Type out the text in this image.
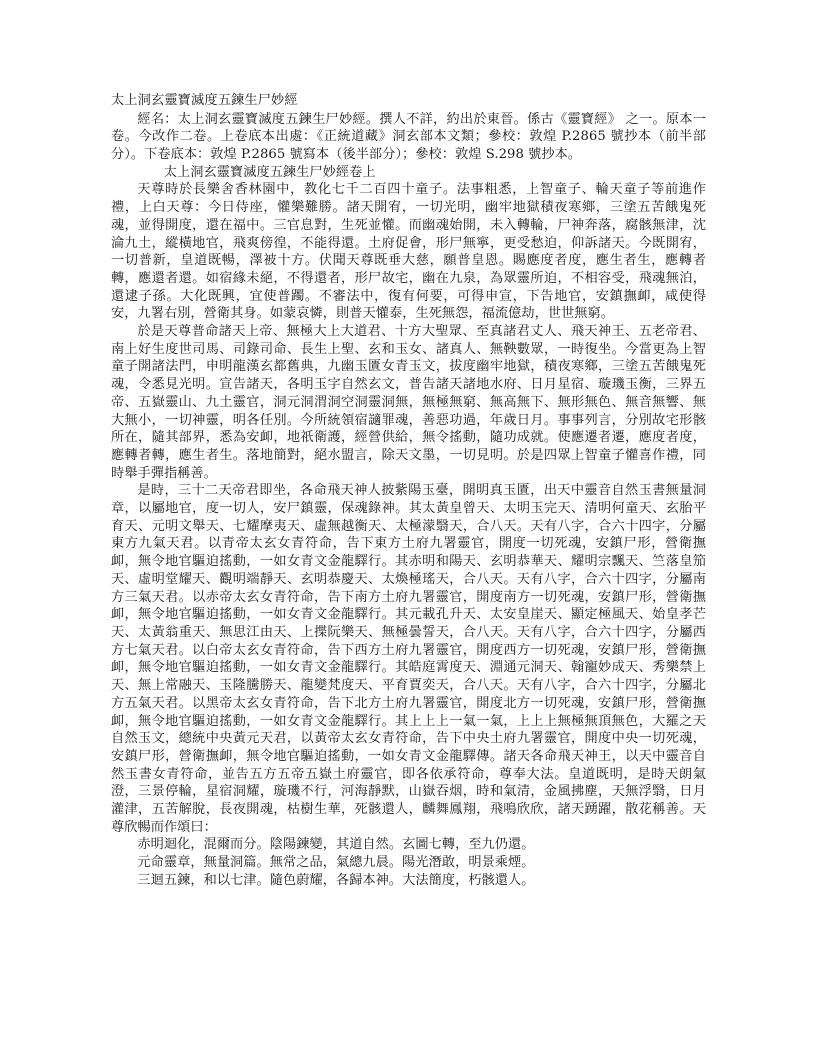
太上洞玄靈寶滅度五鍊生尸妙經

經名：太上洞玄靈寶滅度五鍊生尸妙經。撰人不詳，約出於東晉。係古《靈寶經》 之一。原本一卷。今改作二卷。上卷底本出處：《正統道藏》洞玄部本文類；參校：敦煌 P.2865 號抄本（前半部分）。下卷底本：敦煌 P.2865 號寫本（後半部分）；參校：敦煌 S.298 號抄本。

太上洞玄靈寶滅度五鍊生尸妙經卷上

天尊時於長樂舍香林園中，教化七千二百四十童子。法事粗悉，上智童子、輪天童子等前進作禮，上白天尊：今日侍座，懽樂難勝。諸天開宥，一切光明，幽牢地獄積夜寒鄉，三塗五苦餓鬼死魂，並得開度，還在福中。三官息對，生死並懽。而幽魂始開，未入轉輪，尸神奔落，腐骸無津，沈淪九土，縱橫地官，飛爽傍徨，不能得還。土府促會，形尸無寧，更受愁迫，仰訴諸天。今既開宥，一切普新，皇道既暢，澤被十方。伏聞天尊既垂大慈，願普皇恩。賜應度者度，應生者生，應轉者轉，應還者還。如宿緣未絕，不得還者，形尸故宅，幽在九泉，為眾靈所迫，不相容受，飛魂無泊，還逮子孫。大化既興，宜使普躅。不審法中，復有何要，可得申宣，下告地官，安鎮撫卹，咸使得安，九署右別，營衛其身。如蒙哀憐，則普天懽泰，生死無怨，福流億劫，世世無窮。

於是天尊普命諸天上帝、無極大上大道君、十方大聖眾、至真諸君丈人、飛天神王、五老帝君、南上好生度世司馬、司錄司命、長生上聖、玄和玉女、諸真人、無鞅數眾，一時復坐。今當更為上智童子開諸法門，申明龍漢玄都舊典，九幽玉匱女青玉文，拔度幽牢地獄，積夜寒鄉，三塗五苦餓鬼死魂，令悉見光明。宣告諸天，各明玉字自然玄文，普告諸天諸地水府、日月星宿、璇璣玉衡，三界五帝、五嶽靈山、九土靈官，洞元洞渭洞空洞靈洞無，無極無窮、無高無下、無形無色、無音無響、無大無小，一切神靈，明各任別。今所統領宿讁罪魂，善惡功過，年歲日月。事事列言，分別故宅形骸所在，隨其部界，悉為安卹，地祇衛護，經營供給，無令搖動，隨功成就。使應遷者遷，應度者度，應轉者轉，應生者生。落地簡對，絕水盟言，除天文墨，一切見明。於是四眾上智童子懽喜作禮，同時舉手彈指稱善。

是時，三十二天帝君即坐，各命飛天神人披紫陽玉臺，開明真玉匱，出天中靈音自然玉書無量洞章，以屬地官，度一切人，安尸鎮靈，保魂錄神。其太黃皇曾天、太明玉完天、清明何童天、玄胎平育天、元明文舉天、七耀摩夷天、虛無越衡天、太極濛翳天，合八天。天有八字，合六十四字，分屬東方九氣天君。以青帝太玄女青符命，告下東方土府九署靈官，開度一切死魂，安鎮尸形，營衛撫卹，無令地官驅迫搖動，一如女青文金龍驛行。其赤明和陽天、玄明恭華天、耀明宗飄天、竺落皇笳天、虛明堂耀天、觀明端靜天、玄明恭慶天、太煥極瑤天，合八天。天有八字，合六十四字，分屬南方三氣天君。以赤帝太玄女青符命，告下南方土府九署靈官，開度南方一切死魂，安鎮尸形，營衛撫卹，無令地官驅迫搖動，一如女青文金龍驛行。其元載孔升天、太安皇崖天、顯定極風天、始皇孝芒天、太黃翁重天、無思江由天、上揲阮樂天、無極曇誓天，合八天。天有八字，合六十四字，分屬西方七氣天君。以白帝太玄女青符命，告下西方土府九署靈官，開度西方一切死魂，安鎮尸形，營衛撫卹，無令地官驅迫搖動，一如女青文金龍驛行。其皓庭霄度天、淵通元洞天、翰寵妙成天、秀樂禁上天、無上常融天、玉隆騰勝天、龍變梵度天、平育賈奕天，合八天。天有八字，合六十四字，分屬北方五氣天君。以黑帝太玄女青符命，告下北方土府九署靈官，開度北方一切死魂，安鎮尸形，營衛撫卹，無令地官驅迫搖動，一如女青文金龍驛行。其上上上一氣一氣，上上上無極無頂無色，大羅之天自然玉文，總統中央黃元天君，以黃帝太玄女青符命，告下中央土府九署靈官，開度中央一切死魂，安鎮尸形，營衛撫卹，無令地官驅迫搖動，一如女青文金龍驛傳。諸天各命飛天神王，以天中靈音自然玉書女青符命，並告五方五帝五嶽土府靈官，即各依承符命，尊奉大法。皇道既明，是時天朗氣澄，三景停輪，星宿洞耀，璇璣不行，河海靜默，山嶽吞烟，時和氣清，金風拂塵，天無浮翳，日月灌津，五苦解脫，長夜開魂，枯樹生華，死骸還人，麟舞鳳翔，飛鳴欣欣，諸天踴躍，散花稱善。天尊欣暢而作頌曰：

赤明迴化，混爾而分。陰陽鍊變，其道自然。玄圖七轉，至九仍還。

元命靈章，無量洞篇。無常之品，氣總九晨。陽光潛敢，明景乘煙。

三迴五鍊，和以七津。隨色蔚耀，各歸本神。大法簡度，朽骸還人。
